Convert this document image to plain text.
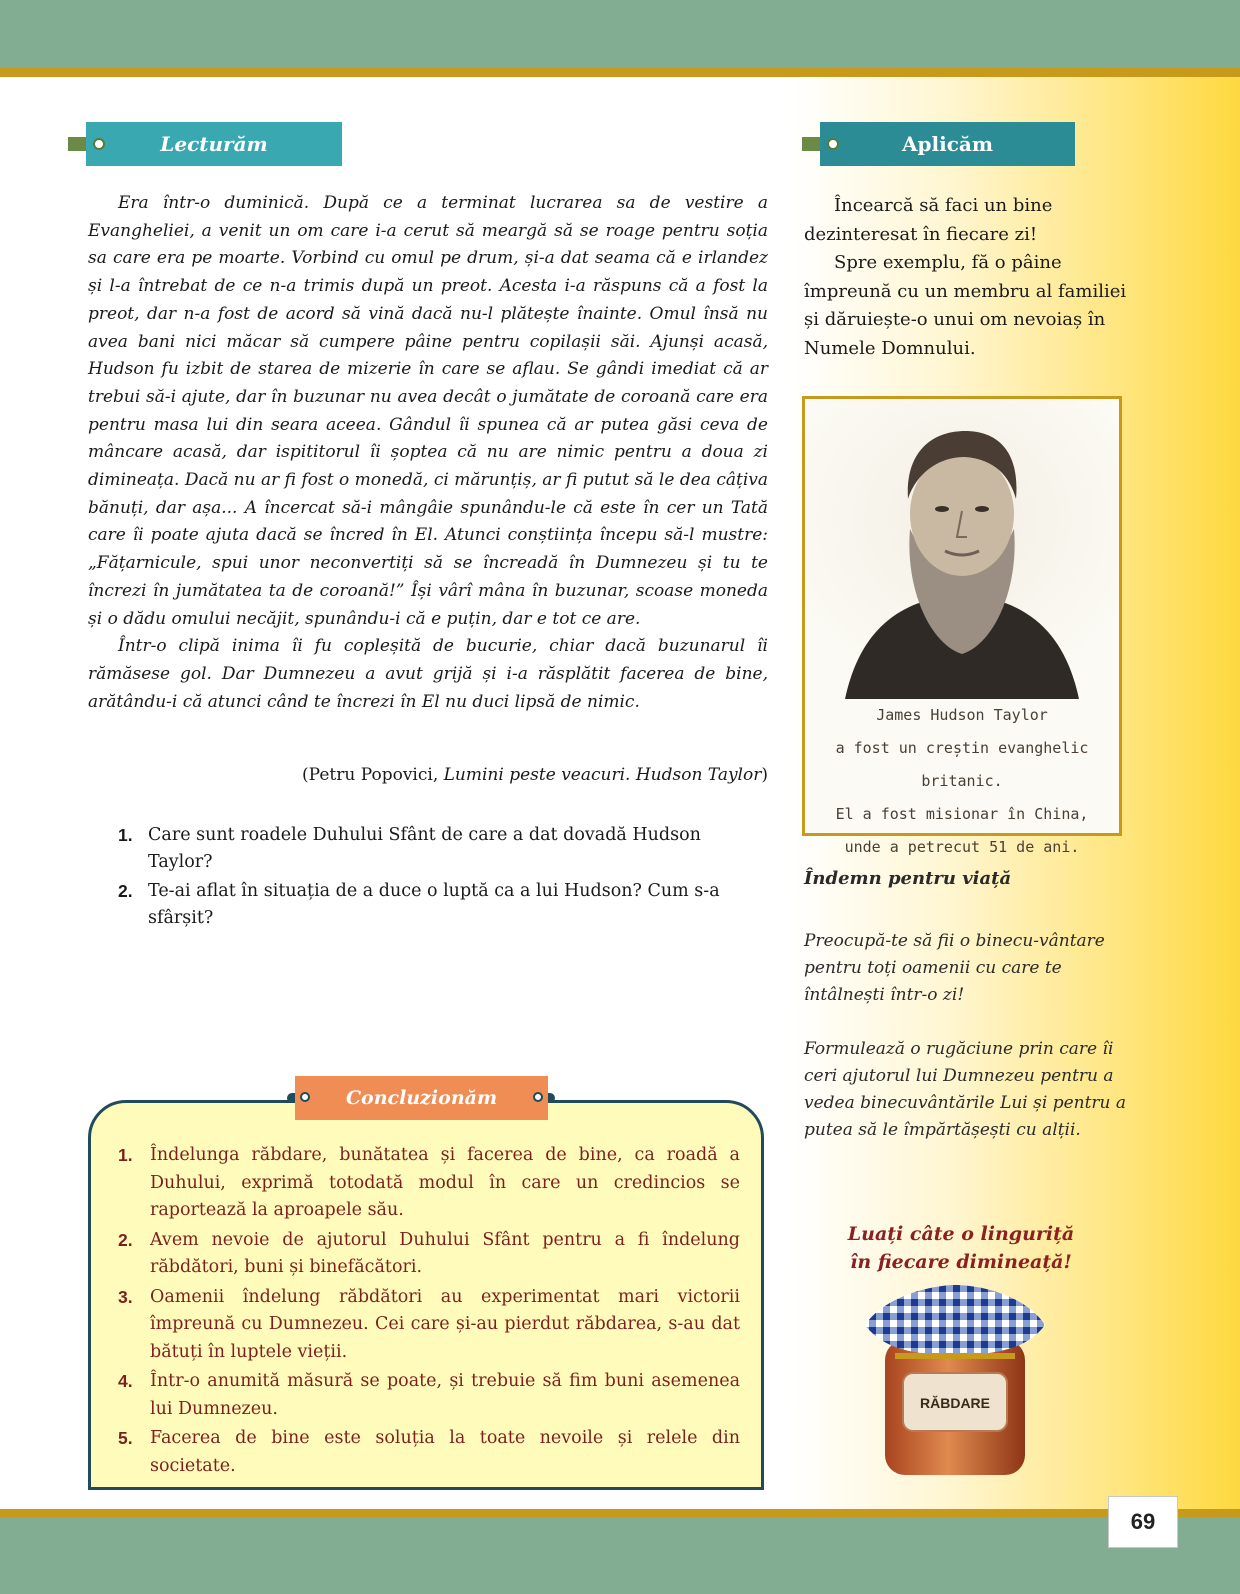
Lecturăm

Era într-o duminică. După ce a terminat lucrarea sa de vestire a Evangheliei, a venit un om care i-a cerut să meargă să se roage pentru soția sa care era pe moarte. Vorbind cu omul pe drum, și-a dat seama că e irlandez și l-a întrebat de ce n-a trimis după un preot. Acesta i-a răspuns că a fost la preot, dar n-a fost de acord să vină dacă nu-l plătește înainte. Omul însă nu avea bani nici măcar să cumpere pâine pentru copilașii săi. Ajunși acasă, Hudson fu izbit de starea de mizerie în care se aflau. Se gândi imediat că ar trebui să-i ajute, dar în buzunar nu avea decât o jumătate de coroană care era pentru masa lui din seara aceea. Gândul îi spunea că ar putea găsi ceva de mâncare acasă, dar ispititorul îi șoptea că nu are nimic pentru a doua zi dimineața. Dacă nu ar fi fost o monedă, ci mărunțiș, ar fi putut să le dea câțiva bănuți, dar așa... A încercat să-i mângâie spunându-le că este în cer un Tată care îi poate ajuta dacă se încred în El. Atunci conștiința începu să-l mustre: „Fățarnicule, spui unor neconvertiți să se încreadă în Dumnezeu și tu te încrezi în jumătatea ta de coroană!” Își vârî mâna în buzunar, scoase moneda și o dădu omului necăjit, spunându-i că e puțin, dar e tot ce are.

Într-o clipă inima îi fu copleșită de bucurie, chiar dacă buzunarul îi rămăsese gol. Dar Dumnezeu a avut grijă și i-a răsplătit facerea de bine, arătându-i că atunci când te încrezi în El nu duci lipsă de nimic.

(Petru Popovici, Lumini peste veacuri. Hudson Taylor)
1. Care sunt roadele Duhului Sfânt de care a dat dovadă Hudson Taylor?
2. Te-ai aflat în situația de a duce o luptă ca a lui Hudson? Cum s-a sfârșit?
Concluzionăm
1. Îndelunga răbdare, bunătatea și facerea de bine, ca roadă a Duhului, exprimă totodată modul în care un credincios se raportează la aproapele său.
2. Avem nevoie de ajutorul Duhului Sfânt pentru a fi îndelung răbdători, buni și binefăcători.
3. Oamenii îndelung răbdători au experimentat mari victorii împreună cu Dumnezeu. Cei care și-au pierdut răbdarea, s-au dat bătuți în luptele vieții.
4. Într-o anumită măsură se poate, și trebuie să fim buni asemenea lui Dumnezeu.
5. Facerea de bine este soluția la toate nevoile și relele din societate.
Aplicăm

Încearcă să faci un bine dezinteresat în fiecare zi!

Spre exemplu, fă o pâine împreună cu un membru al familiei și dăruiește-o unui om nevoiaș în Numele Domnului.

James Hudson Taylor
a fost un creștin evanghelic britanic.
El a fost misionar în China,
unde a petrecut 51 de ani.
Îndemn pentru viață

Preocupă-te să fii o binecu-vântare pentru toți oamenii cu care te întâlnești într-o zi!

Formulează o rugăciune prin care îi ceri ajutorul lui Dumnezeu pentru a vedea binecuvântările Lui și pentru a putea să le împărtășești cu alții.

Luați câte o linguriță
în fiecare dimineață!
RĂBDARE
69
